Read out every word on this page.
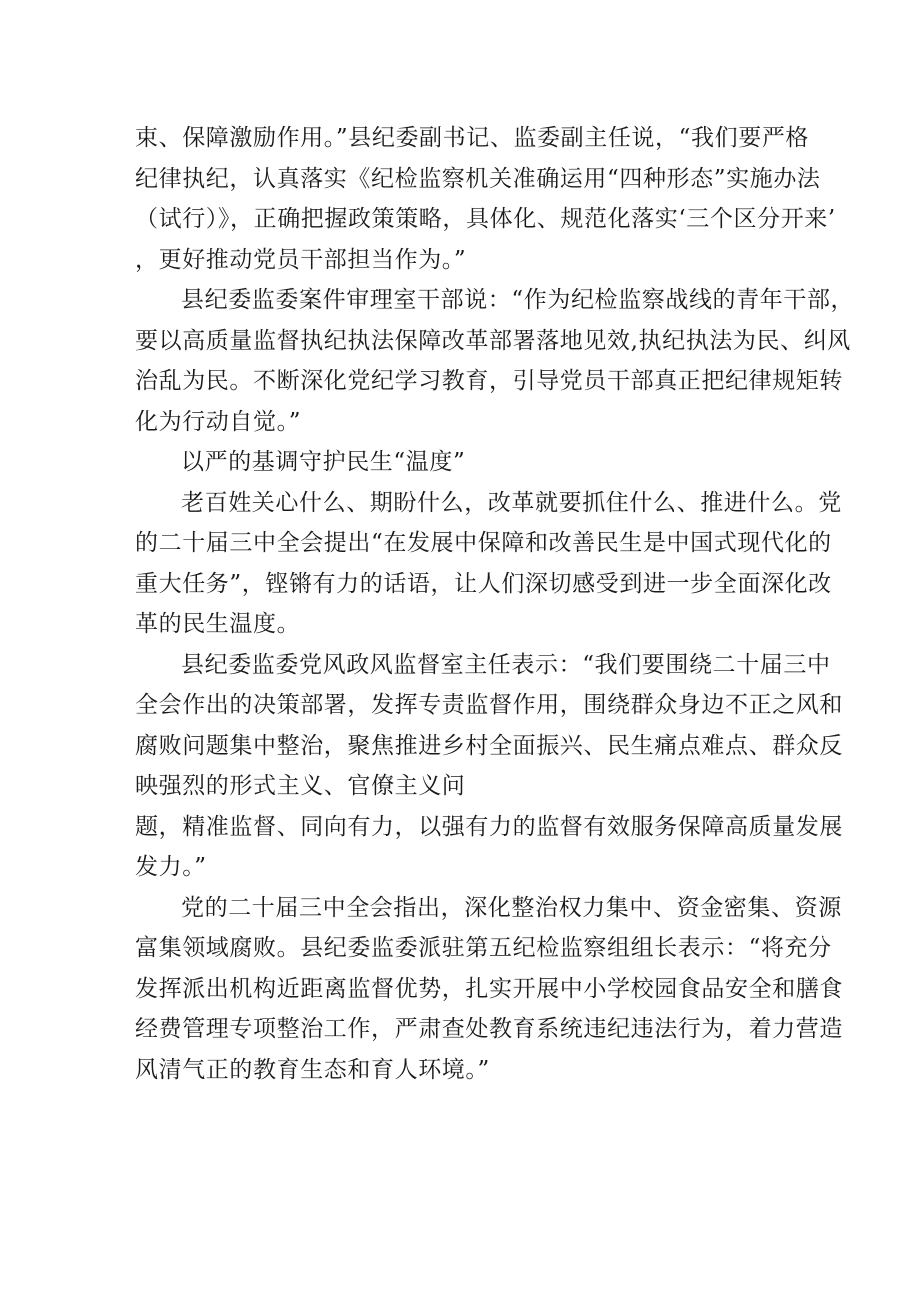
束、保障激励作用。”县纪委副书记、监委副主任说，“我们要严格
纪律执纪，认真落实《纪检监察机关准确运用“四种形态”实施办法
（试行）》，正确把握政策策略，具体化、规范化落实‘三个区分开来’
，更好推动党员干部担当作为。”
县纪委监委案件审理室干部说：“作为纪检监察战线的青年干部，
要以高质量监督执纪执法保障改革部署落地见效,执纪执法为民、纠风
治乱为民。不断深化党纪学习教育，引导党员干部真正把纪律规矩转
化为行动自觉。”
以严的基调守护民生“温度”
老百姓关心什么、期盼什么，改革就要抓住什么、推进什么。党
的二十届三中全会提出“在发展中保障和改善民生是中国式现代化的
重大任务”，铿锵有力的话语，让人们深切感受到进一步全面深化改
革的民生温度。
县纪委监委党风政风监督室主任表示：“我们要围绕二十届三中
全会作出的决策部署，发挥专责监督作用，围绕群众身边不正之风和
腐败问题集中整治，聚焦推进乡村全面振兴、民生痛点难点、群众反
映强烈的形式主义、官僚主义问
题，精准监督、同向有力，以强有力的监督有效服务保障高质量发展
发力。”
党的二十届三中全会指出，深化整治权力集中、资金密集、资源
富集领域腐败。县纪委监委派驻第五纪检监察组组长表示：“将充分
发挥派出机构近距离监督优势，扎实开展中小学校园食品安全和膳食
经费管理专项整治工作，严肃查处教育系统违纪违法行为，着力营造
风清气正的教育生态和育人环境。”
